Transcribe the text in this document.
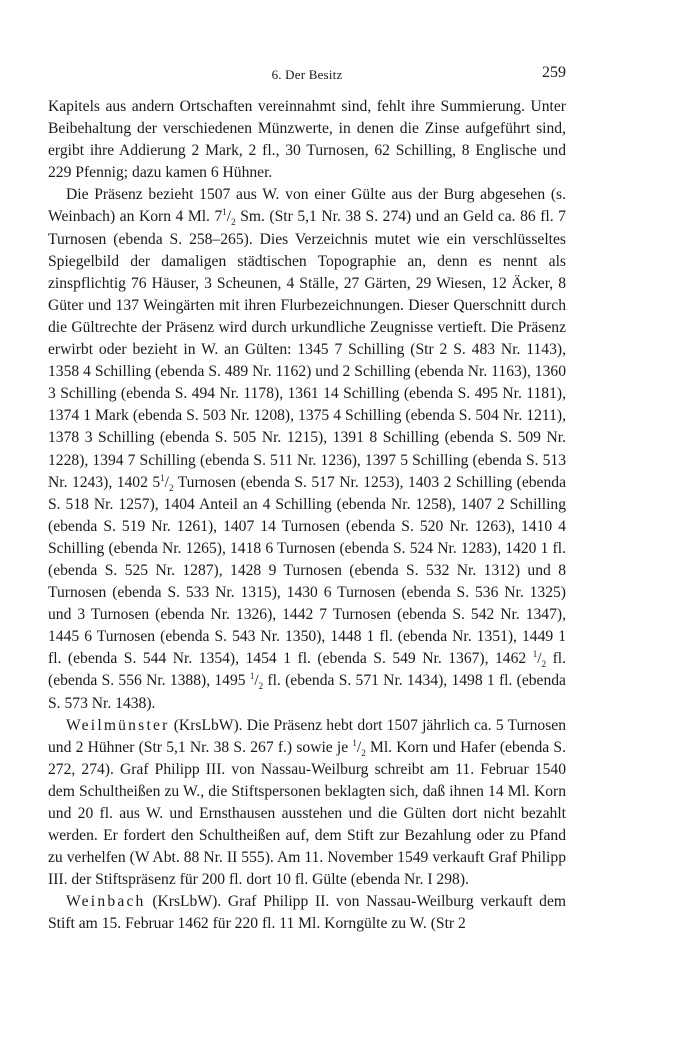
6. Der Besitz	259

Kapitels aus andern Ortschaften vereinnahmt sind, fehlt ihre Summierung. Unter Beibehaltung der verschiedenen Münzwerte, in denen die Zinse aufgeführt sind, ergibt ihre Addierung 2 Mark, 2 fl., 30 Turnosen, 62 Schilling, 8 Englische und 229 Pfennig; dazu kamen 6 Hühner.

Die Präsenz bezieht 1507 aus W. von einer Gülte aus der Burg abgesehen (s. Weinbach) an Korn 4 Ml. $7^1/_2$ Sm. (Str 5,1 Nr. 38 S. 274) und an Geld ca. 86 fl. 7 Turnosen (ebenda S. 258–265). Dies Verzeichnis mutet wie ein verschlüsseltes Spiegelbild der damaligen städtischen Topographie an, denn es nennt als zinspflichtig 76 Häuser, 3 Scheunen, 4 Ställe, 27 Gärten, 29 Wiesen, 12 Äcker, 8 Güter und 137 Weingärten mit ihren Flurbezeichnungen. Dieser Querschnitt durch die Gültrechte der Präsenz wird durch urkundliche Zeugnisse vertieft. Die Präsenz erwirbt oder bezieht in W. an Gülten: 1345 7 Schilling (Str 2 S. 483 Nr. 1143), 1358 4 Schilling (ebenda S. 489 Nr. 1162) und 2 Schilling (ebenda Nr. 1163), 1360 3 Schilling (ebenda S. 494 Nr. 1178), 1361 14 Schilling (ebenda S. 495 Nr. 1181), 1374 1 Mark (ebenda S. 503 Nr. 1208), 1375 4 Schilling (ebenda S. 504 Nr. 1211), 1378 3 Schilling (ebenda S. 505 Nr. 1215), 1391 8 Schilling (ebenda S. 509 Nr. 1228), 1394 7 Schilling (ebenda S. 511 Nr. 1236), 1397 5 Schilling (ebenda S. 513 Nr. 1243), 1402 $5^1/_2$ Turnosen (ebenda S. 517 Nr. 1253), 1403 2 Schilling (ebenda S. 518 Nr. 1257), 1404 Anteil an 4 Schilling (ebenda Nr. 1258), 1407 2 Schilling (ebenda S. 519 Nr. 1261), 1407 14 Turnosen (ebenda S. 520 Nr. 1263), 1410 4 Schilling (ebenda Nr. 1265), 1418 6 Turnosen (ebenda S. 524 Nr. 1283), 1420 1 fl. (ebenda S. 525 Nr. 1287), 1428 9 Turnosen (ebenda S. 532 Nr. 1312) und 8 Turnosen (ebenda S. 533 Nr. 1315), 1430 6 Turnosen (ebenda S. 536 Nr. 1325) und 3 Turnosen (ebenda Nr. 1326), 1442 7 Turnosen (ebenda S. 542 Nr. 1347), 1445 6 Turnosen (ebenda S. 543 Nr. 1350), 1448 1 fl. (ebenda Nr. 1351), 1449 1 fl. (ebenda S. 544 Nr. 1354), 1454 1 fl. (ebenda S. 549 Nr. 1367), 1462 $^1/_2$ fl. (ebenda S. 556 Nr. 1388), 1495 $^1/_2$ fl. (ebenda S. 571 Nr. 1434), 1498 1 fl. (ebenda S. 573 Nr. 1438).

Weilmünster (KrsLbW). Die Präsenz hebt dort 1507 jährlich ca. 5 Turnosen und 2 Hühner (Str 5,1 Nr. 38 S. 267 f.) sowie je $^1/_2$ Ml. Korn und Hafer (ebenda S. 272, 274). Graf Philipp III. von Nassau-Weilburg schreibt am 11. Februar 1540 dem Schultheißen zu W., die Stiftspersonen beklagten sich, daß ihnen 14 Ml. Korn und 20 fl. aus W. und Ernsthausen ausstehen und die Gülten dort nicht bezahlt werden. Er fordert den Schultheißen auf, dem Stift zur Bezahlung oder zu Pfand zu verhelfen (W Abt. 88 Nr. II 555). Am 11. November 1549 verkauft Graf Philipp III. der Stiftspräsenz für 200 fl. dort 10 fl. Gülte (ebenda Nr. I 298).

Weinbach (KrsLbW). Graf Philipp II. von Nassau-Weilburg verkauft dem Stift am 15. Februar 1462 für 220 fl. 11 Ml. Korngülte zu W. (Str 2
